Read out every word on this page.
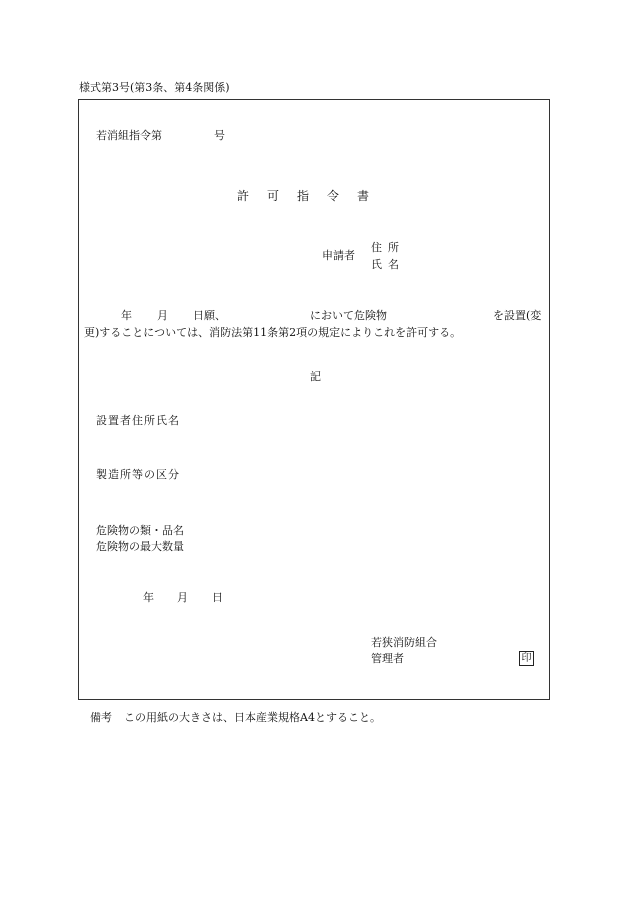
様式第3号(第3条、第4条関係)
若消組指令第	号
許可指令書
申請者
住所
氏名
年 月 日願、	において危険物	を設置(変
更)することについては、消防法第11条第2項の規定によりこれを許可する。
記
設置者住所氏名
製造所等の区分
危険物の類・品名
危険物の最大数量
年 月 日
若狭消防組合
管理者	印
備考 この用紙の大きさは、日本産業規格A4とすること。
